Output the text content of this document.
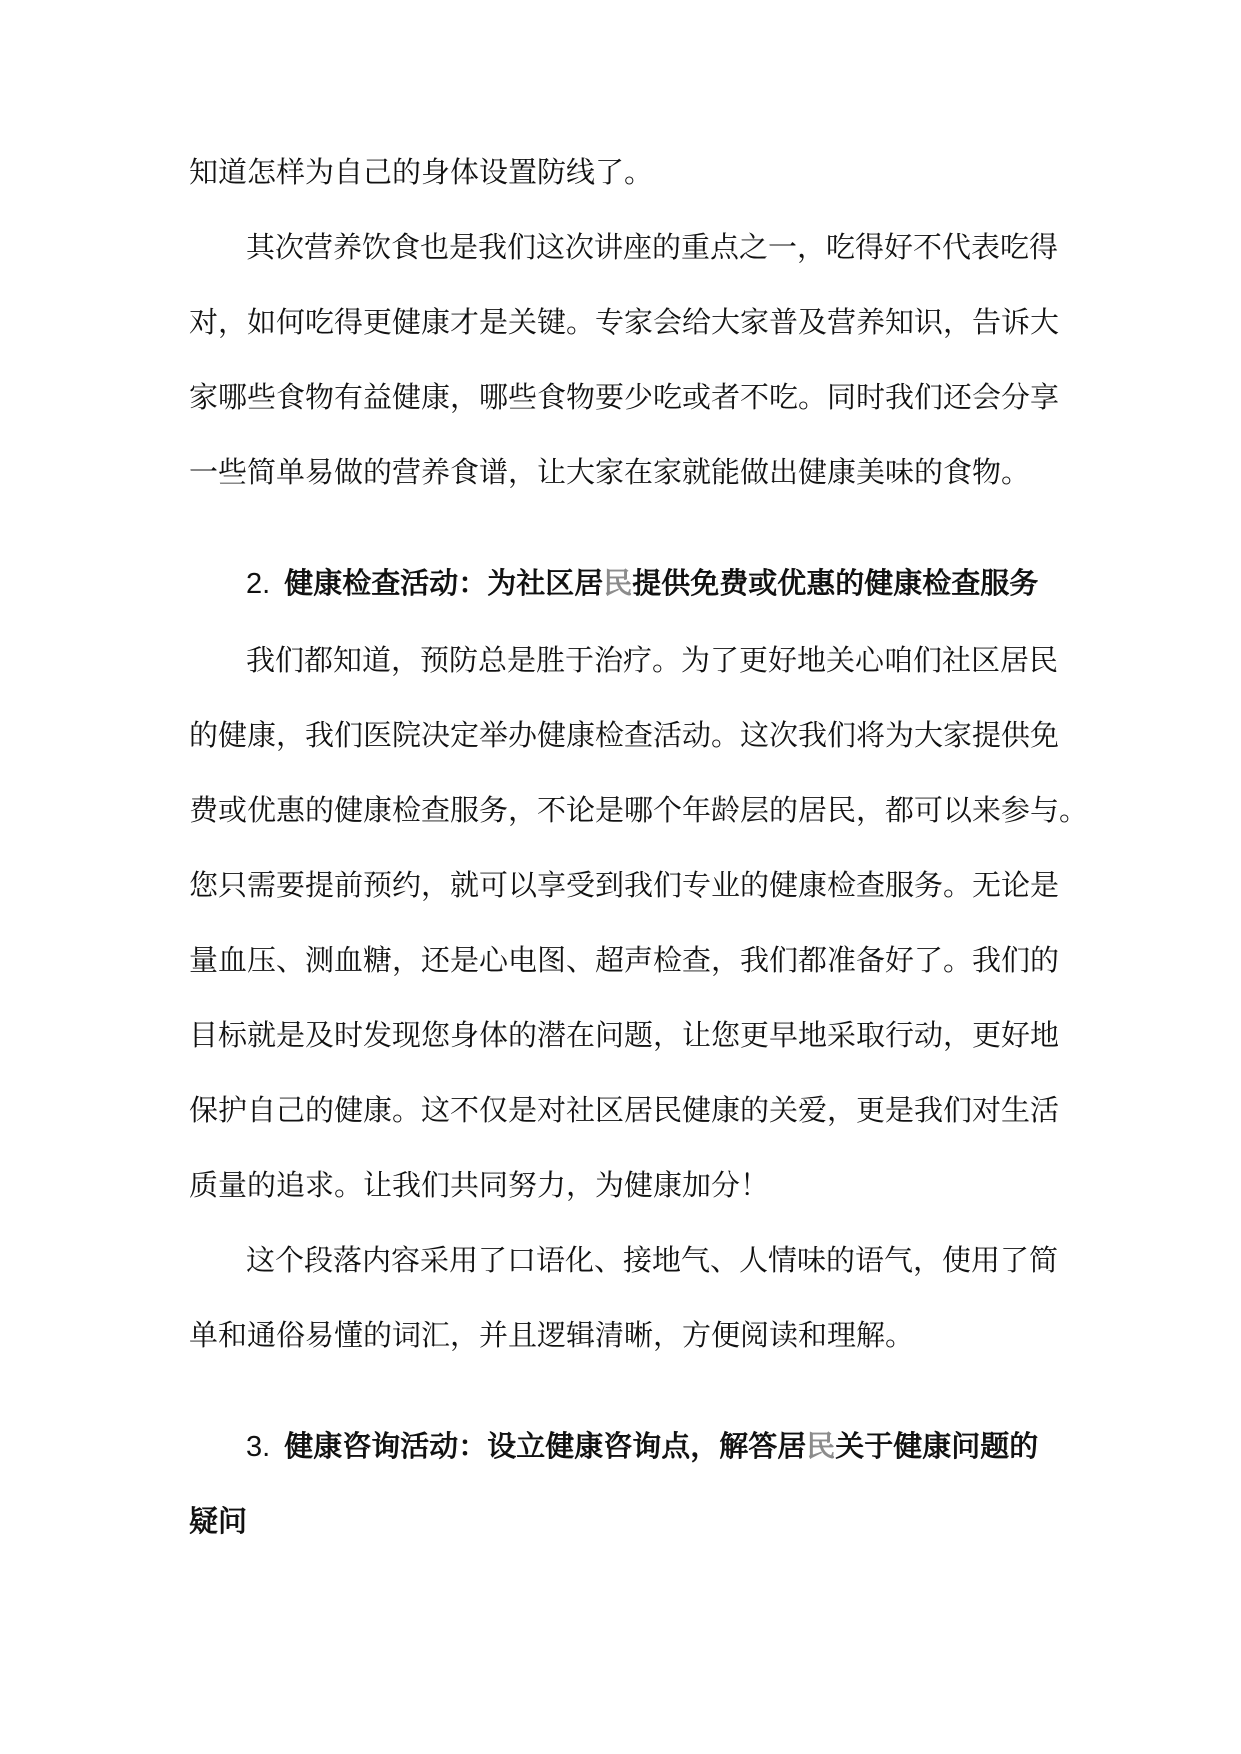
知道怎样为自己的身体设置防线了。

其次营养饮食也是我们这次讲座的重点之一，吃得好不代表吃得

对，如何吃得更健康才是关键。专家会给大家普及营养知识，告诉大

家哪些食物有益健康，哪些食物要少吃或者不吃。同时我们还会分享

一些简单易做的营养食谱，让大家在家就能做出健康美味的食物。

2. 健康检查活动：为社区居民提供免费或优惠的健康检查服务

我们都知道，预防总是胜于治疗。为了更好地关心咱们社区居民

的健康，我们医院决定举办健康检查活动。这次我们将为大家提供免

费或优惠的健康检查服务，不论是哪个年龄层的居民，都可以来参与。

您只需要提前预约，就可以享受到我们专业的健康检查服务。无论是

量血压、测血糖，还是心电图、超声检查，我们都准备好了。我们的

目标就是及时发现您身体的潜在问题，让您更早地采取行动，更好地

保护自己的健康。这不仅是对社区居民健康的关爱，更是我们对生活

质量的追求。让我们共同努力，为健康加分！

这个段落内容采用了口语化、接地气、人情味的语气，使用了简

单和通俗易懂的词汇，并且逻辑清晰，方便阅读和理解。

3. 健康咨询活动：设立健康咨询点，解答居民关于健康问题的

疑问
